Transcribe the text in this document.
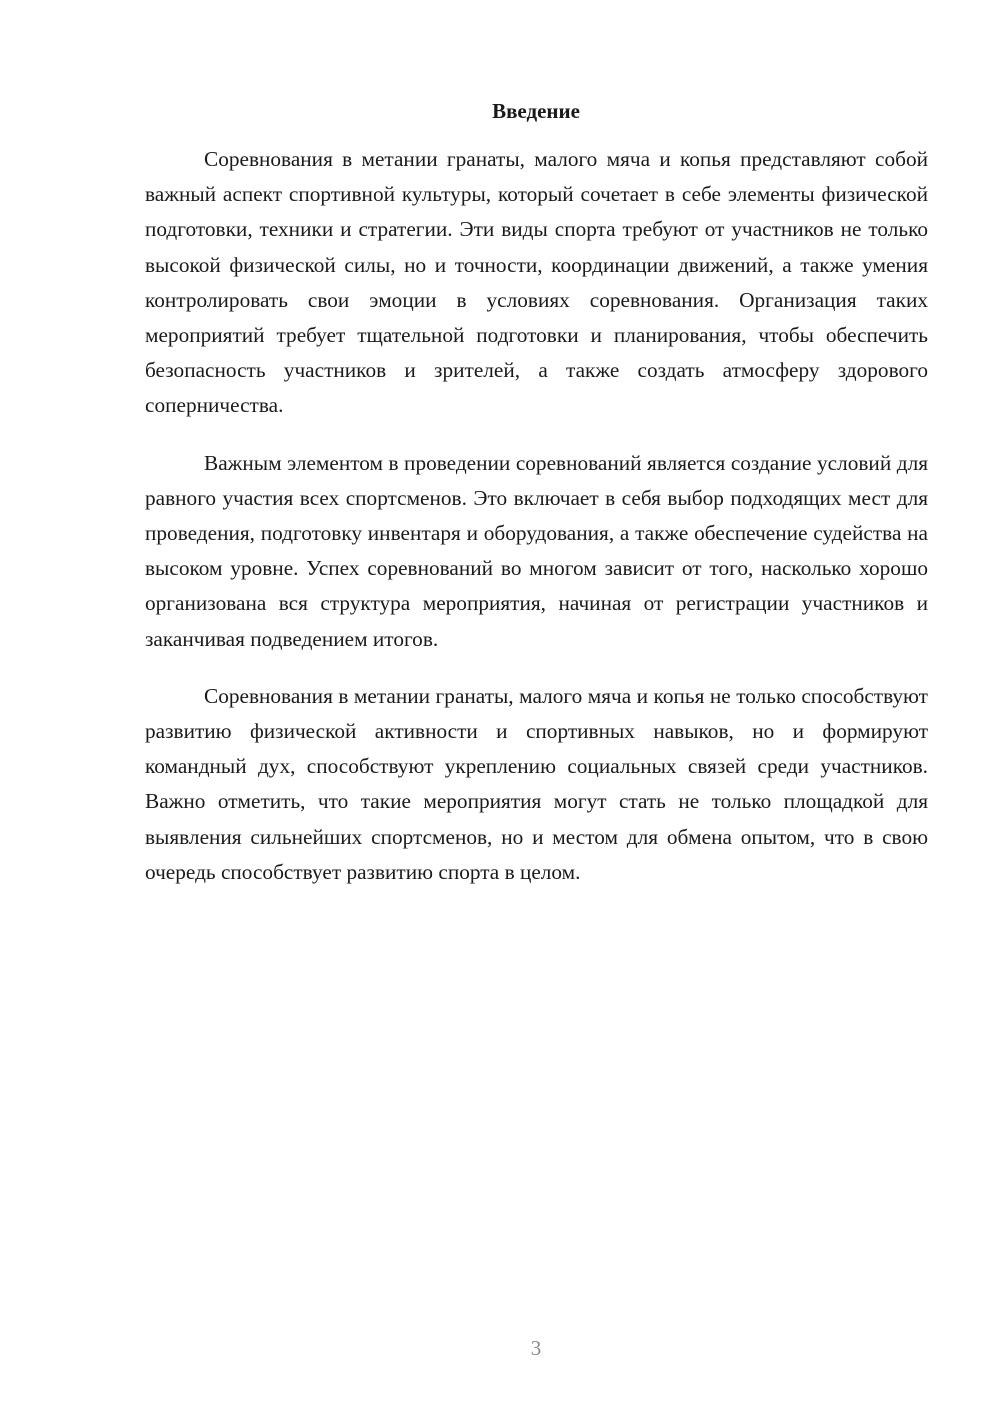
Введение

Соревнования в метании гранаты, малого мяча и копья представляют собой важный аспект спортивной культуры, который сочетает в себе элементы физической подготовки, техники и стратегии. Эти виды спорта требуют от участников не только высокой физической силы, но и точности, координации движений, а также умения контролировать свои эмоции в условиях соревнования. Организация таких мероприятий требует тщательной подготовки и планирования, чтобы обеспечить безопасность участников и зрителей, а также создать атмосферу здорового соперничества.

Важным элементом в проведении соревнований является создание условий для равного участия всех спортсменов. Это включает в себя выбор подходящих мест для проведения, подготовку инвентаря и оборудования, а также обеспечение судейства на высоком уровне. Успех соревнований во многом зависит от того, насколько хорошо организована вся структура мероприятия, начиная от регистрации участников и заканчивая подведением итогов.

Соревнования в метании гранаты, малого мяча и копья не только способствуют развитию физической активности и спортивных навыков, но и формируют командный дух, способствуют укреплению социальных связей среди участников. Важно отметить, что такие мероприятия могут стать не только площадкой для выявления сильнейших спортсменов, но и местом для обмена опытом, что в свою очередь способствует развитию спорта в целом.

3
